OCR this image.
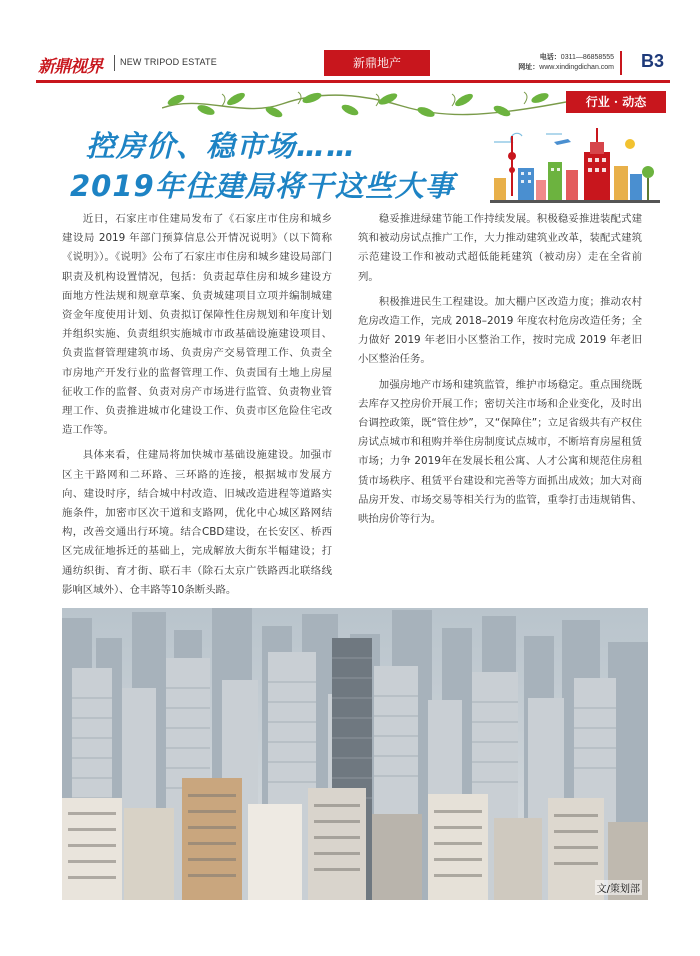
新鼎视界 NEW TRIPOD ESTATE	新鼎地产	电话：0311—86858555
网址：www.xindingdichan.com B3
行业 · 动态
控房价、稳市场……
2019年住建局将干这些大事

近日，石家庄市住建局发布了《石家庄市住房和城乡建设局 2019 年部门预算信息公开情况说明》（以下简称《说明》）。《说明》公布了石家庄市住房和城乡建设局部门职责及机构设置情况，包括：负责起草住房和城乡建设方面地方性法规和规章草案、负责城建项目立项并编制城建资金年度使用计划、负责拟订保障性住房规划和年度计划并组织实施、负责组织实施城市市政基础设施建设项目、负责监督管理建筑市场、负责房产交易管理工作、负责全市房地产开发行业的监督管理工作、负责国有土地上房屋征收工作的监督、负责对房产市场进行监管、负责物业管理工作、负责推进城市化建设工作、负责市区危险住宅改造工作等。

具体来看，住建局将加快城市基础设施建设。加强市区主干路网和二环路、三环路的连接，根据城市发展方向、建设时序，结合城中村改造、旧城改造进程等道路实施条件，加密市区次干道和支路网，优化中心城区路网结构，改善交通出行环境。结合CBD建设，在长安区、桥西区完成征地拆迁的基础上，完成解放大街东半幅建设；打通纺织街、育才街、联石丰（除石太京广铁路西北联络线影响区域外）、仓丰路等10条断头路。

稳妥推进绿建节能工作持续发展。积极稳妥推进装配式建筑和被动房试点推广工作，大力推动建筑业改革，装配式建筑示范建设工作和被动式超低能耗建筑（被动房）走在全省前列。

积极推进民生工程建设。加大棚户区改造力度；推动农村危房改造工作，完成 2018–2019 年度农村危房改造任务；全力做好 2019 年老旧小区整治工作，按时完成 2019 年老旧小区整治任务。

加强房地产市场和建筑监管，维护市场稳定。重点围绕既去库存又控房价开展工作；密切关注市场和企业变化，及时出台调控政策，既“管住炒”，又“保障住”；立足省级共有产权住房试点城市和租购并举住房制度试点城市，不断培育房屋租赁市场；力争 2019年在发展长租公寓、人才公寓和规范住房租赁市场秩序、租赁平台建设和完善等方面抓出成效；加大对商品房开发、市场交易等相关行为的监管，重拳打击违规销售、哄抬房价等行为。

文/策划部
